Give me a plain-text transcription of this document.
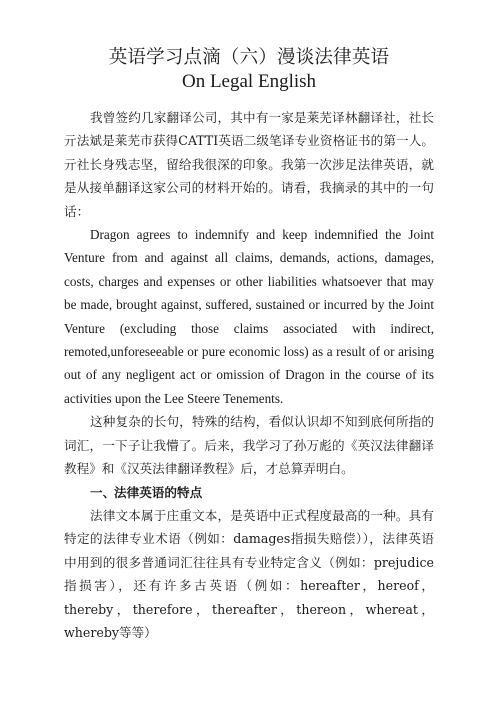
英语学习点滴（六）漫谈法律英语
On Legal English

我曾签约几家翻译公司，其中有一家是莱芜译林翻译社，社长亓法斌是莱芜市获得CATTI英语二级笔译专业资格证书的第一人。亓社长身残志坚，留给我很深的印象。我第一次涉足法律英语，就是从接单翻译这家公司的材料开始的。请看，我摘录的其中的一句话：

Dragon agrees to indemnify and keep indemnified the Joint Venture from and against all claims, demands, actions, damages, costs, charges and expenses or other liabilities whatsoever that may be made, brought against, suffered, sustained or incurred by the Joint Venture (excluding those claims associated with indirect, remoted,unforeseeable or pure economic loss) as a result of or arising out of any negligent act or omission of Dragon in the course of its activities upon the Lee Steere Tenements.

这种复杂的长句，特殊的结构，看似认识却不知到底何所指的词汇，一下子让我懵了。后来，我学习了孙万彪的《英汉法律翻译教程》和《汉英法律翻译教程》后，才总算弄明白。

一、法律英语的特点

法律文本属于庄重文本，是英语中正式程度最高的一种。具有特定的法律专业术语（例如：damages指损失赔偿）），法律英语中用到的很多普通词汇往往具有专业特定含义（例如：prejudice指损害），还有许多古英语（例如：hereafter，hereof，thereby，therefore，thereafter，thereon，whereat，whereby等等）
